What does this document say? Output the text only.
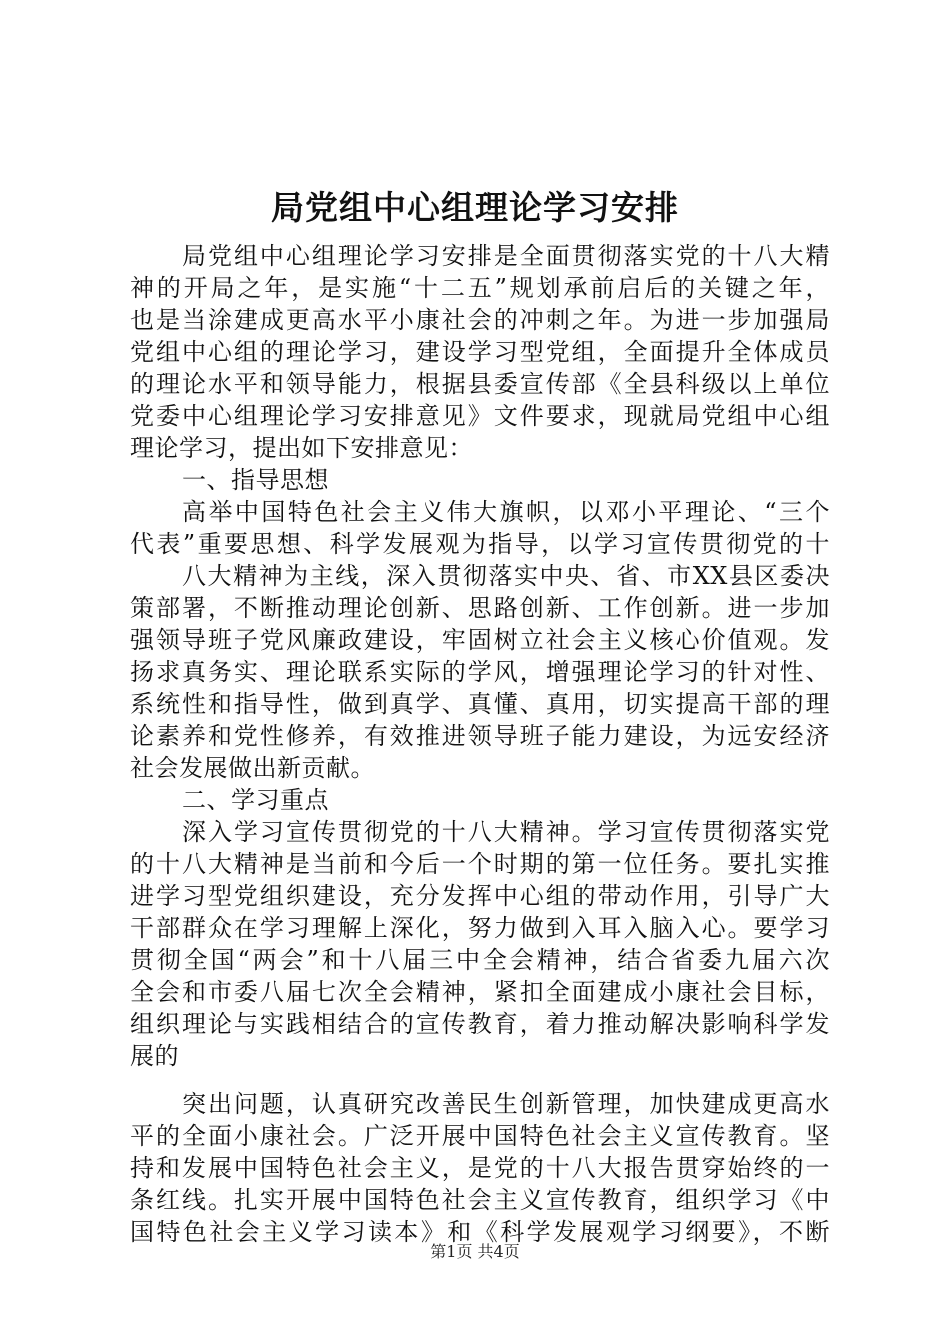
局党组中心组理论学习安排
局党组中心组理论学习安排是全面贯彻落实党的十八大精
神的开局之年，是实施“十二五”规划承前启后的关键之年，
也是当涂建成更高水平小康社会的冲刺之年。为进一步加强局
党组中心组的理论学习，建设学习型党组，全面提升全体成员
的理论水平和领导能力，根据县委宣传部《全县科级以上单位
党委中心组理论学习安排意见》文件要求，现就局党组中心组
理论学习，提出如下安排意见：
一、指导思想
高举中国特色社会主义伟大旗帜，以邓小平理论、“三个
代表”重要思想、科学发展观为指导，以学习宣传贯彻党的十
八大精神为主线，深入贯彻落实中央、省、市XX县区委决
策部署，不断推动理论创新、思路创新、工作创新。进一步加
强领导班子党风廉政建设，牢固树立社会主义核心价值观。发
扬求真务实、理论联系实际的学风，增强理论学习的针对性、
系统性和指导性，做到真学、真懂、真用，切实提高干部的理
论素养和党性修养，有效推进领导班子能力建设，为远安经济
社会发展做出新贡献。
二、学习重点
深入学习宣传贯彻党的十八大精神。学习宣传贯彻落实党
的十八大精神是当前和今后一个时期的第一位任务。要扎实推
进学习型党组织建设，充分发挥中心组的带动作用，引导广大
干部群众在学习理解上深化，努力做到入耳入脑入心。要学习
贯彻全国“两会”和十八届三中全会精神，结合省委九届六次
全会和市委八届七次全会精神，紧扣全面建成小康社会目标，
组织理论与实践相结合的宣传教育，着力推动解决影响科学发
展的
突出问题，认真研究改善民生创新管理，加快建成更高水
平的全面小康社会。广泛开展中国特色社会主义宣传教育。坚
持和发展中国特色社会主义，是党的十八大报告贯穿始终的一
条红线。扎实开展中国特色社会主义宣传教育，组织学习《中
国特色社会主义学习读本》和《科学发展观学习纲要》，不断
第1页 共4页
